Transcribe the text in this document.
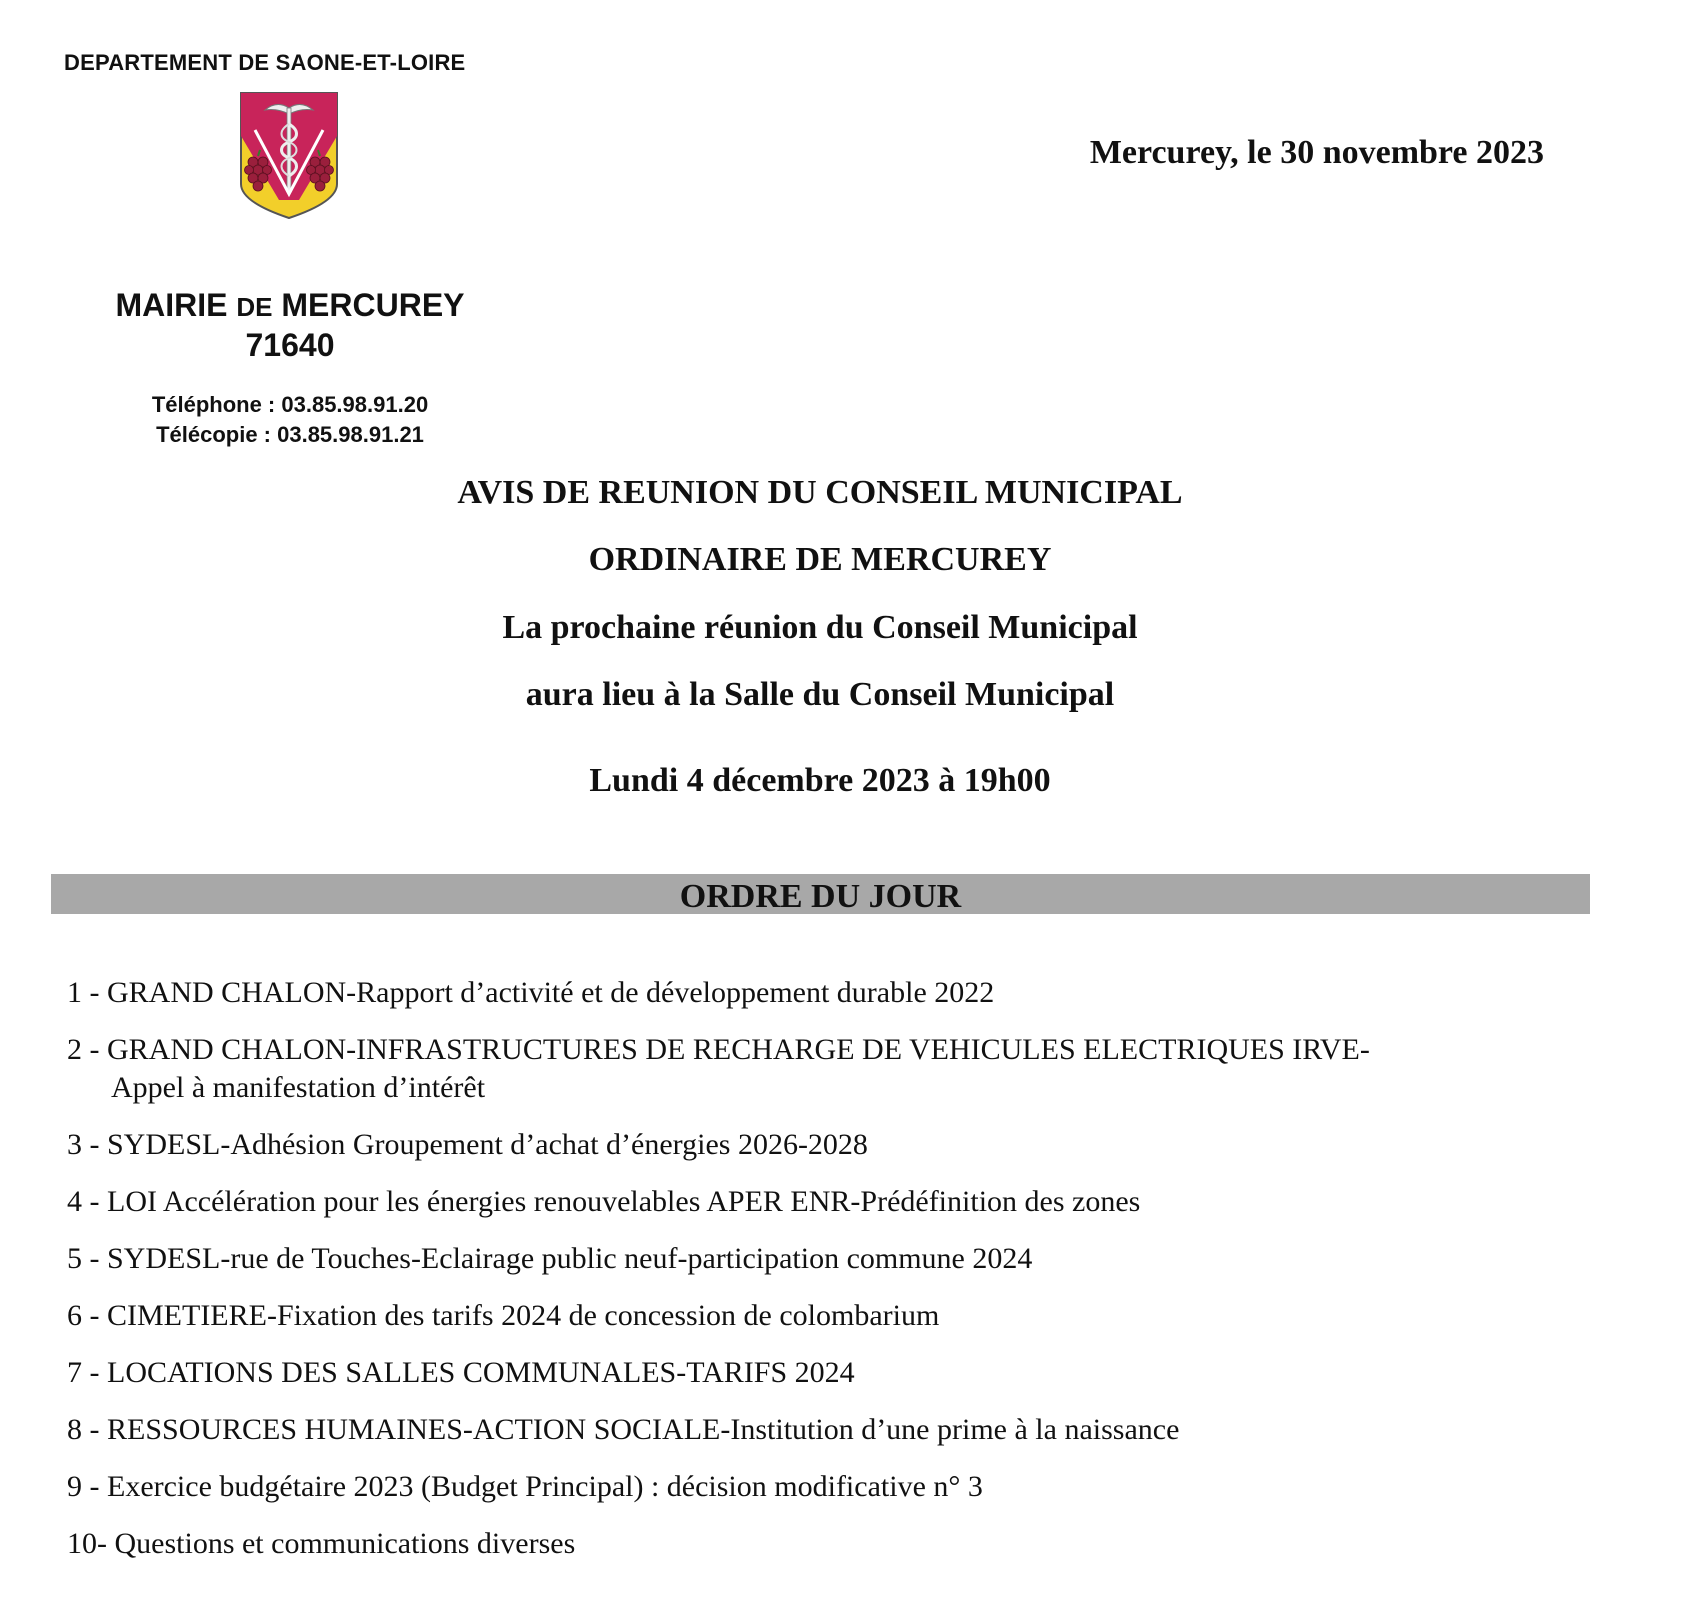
DEPARTEMENT DE SAONE-ET-LOIRE
Mercurey, le 30 novembre 2023
MAIRIE DE MERCUREY
71640
Téléphone : 03.85.98.91.20
Télécopie : 03.85.98.91.21
AVIS DE REUNION DU CONSEIL MUNICIPAL
ORDINAIRE DE MERCUREY
La prochaine réunion du Conseil Municipal
aura lieu à la Salle du Conseil Municipal
Lundi 4 décembre 2023 à 19h00
ORDRE DU JOUR
1 - GRAND CHALON-Rapport d’activité et de développement durable 2022
2 - GRAND CHALON-INFRASTRUCTURES DE RECHARGE DE VEHICULES ELECTRIQUES IRVE-
Appel à manifestation d’intérêt
3 - SYDESL-Adhésion Groupement d’achat d’énergies 2026-2028
4 - LOI Accélération pour les énergies renouvelables APER ENR-Prédéfinition des zones
5 - SYDESL-rue de Touches-Eclairage public neuf-participation commune 2024
6 - CIMETIERE-Fixation des tarifs 2024 de concession de colombarium
7 - LOCATIONS DES SALLES COMMUNALES-TARIFS 2024
8 - RESSOURCES HUMAINES-ACTION SOCIALE-Institution d’une prime à la naissance
9 - Exercice budgétaire 2023 (Budget Principal) : décision modificative n° 3
10- Questions et communications diverses
